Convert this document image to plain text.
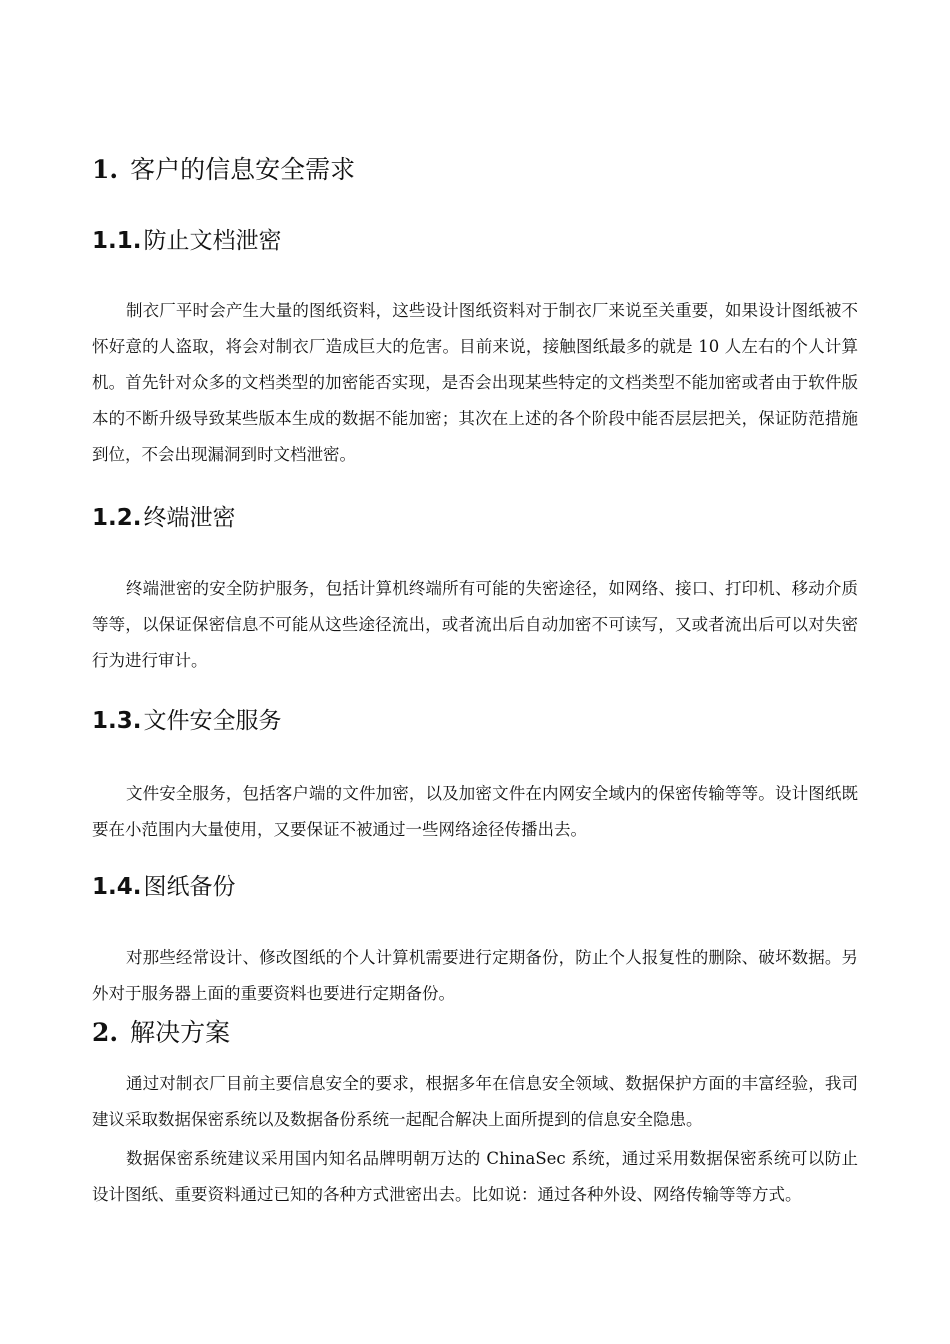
1. 客户的信息安全需求
1.1.防止文档泄密

制衣厂平时会产生大量的图纸资料，这些设计图纸资料对于制衣厂来说至关重要，如果设计图纸被不怀好意的人盗取，将会对制衣厂造成巨大的危害。目前来说，接触图纸最多的就是 10 人左右的个人计算机。首先针对众多的文档类型的加密能否实现，是否会出现某些特定的文档类型不能加密或者由于软件版本的不断升级导致某些版本生成的数据不能加密；其次在上述的各个阶段中能否层层把关，保证防范措施到位，不会出现漏洞到时文档泄密。

1.2.终端泄密

终端泄密的安全防护服务，包括计算机终端所有可能的失密途径，如网络、接口、打印机、移动介质等等，以保证保密信息不可能从这些途径流出，或者流出后自动加密不可读写，又或者流出后可以对失密行为进行审计。

1.3.文件安全服务

文件安全服务，包括客户端的文件加密，以及加密文件在内网安全域内的保密传输等等。设计图纸既要在小范围内大量使用，又要保证不被通过一些网络途径传播出去。

1.4.图纸备份

对那些经常设计、修改图纸的个人计算机需要进行定期备份，防止个人报复性的删除、破坏数据。另外对于服务器上面的重要资料也要进行定期备份。

2. 解决方案

通过对制衣厂目前主要信息安全的要求，根据多年在信息安全领域、数据保护方面的丰富经验，我司建议采取数据保密系统以及数据备份系统一起配合解决上面所提到的信息安全隐患。

数据保密系统建议采用国内知名品牌明朝万达的 ChinaSec 系统，通过采用数据保密系统可以防止设计图纸、重要资料通过已知的各种方式泄密出去。比如说：通过各种外设、网络传输等等方式。
